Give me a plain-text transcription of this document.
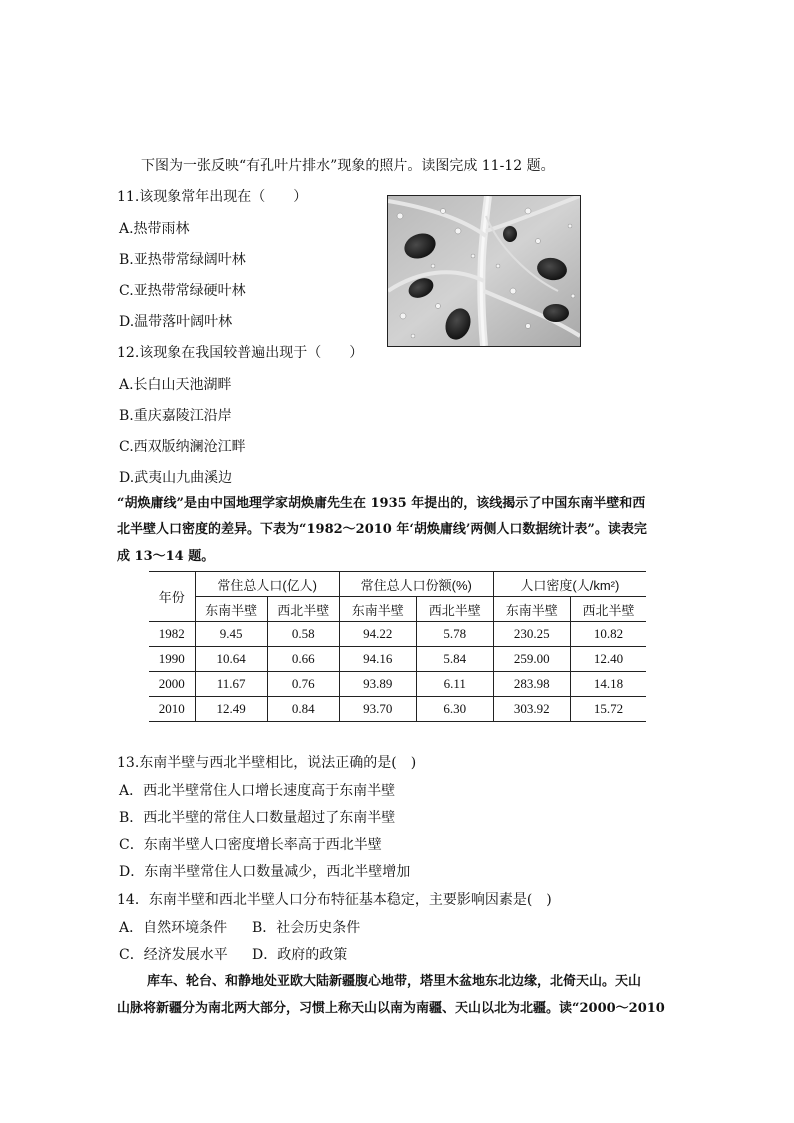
下图为一张反映“有孔叶片排水”现象的照片。读图完成 11-12 题。
11.该现象常年出现在（　　）
A.热带雨林
B.亚热带常绿阔叶林
C.亚热带常绿硬叶林
D.温带落叶阔叶林
12.该现象在我国较普遍出现于（　　）
A.长白山天池湖畔
B.重庆嘉陵江沿岸
C.西双版纳澜沧江畔
D.武夷山九曲溪边
“胡焕庸线”是由中国地理学家胡焕庸先生在 1935 年提出的，该线揭示了中国东南半壁和西
北半壁人口密度的差异。下表为“1982～2010 年‘胡焕庸线’两侧人口数据统计表”。读表完
成 13～14 题。
年份	常住总人口(亿人)		常住总人口份额(%)		人口密度(人/km²)	
	东南半壁	西北半壁	东南半壁	西北半壁	东南半壁	西北半壁
1982	9.45	0.58	94.22	5.78	230.25	10.82
1990	10.64	0.66	94.16	5.84	259.00	12.40
2000	11.67	0.76	93.89	6.11	283.98	14.18
2010	12.49	0.84	93.70	6.30	303.92	15.72
13.东南半壁与西北半壁相比，说法正确的是(　)
A．西北半壁常住人口增长速度高于东南半壁
B．西北半壁的常住人口数量超过了东南半壁
C．东南半壁人口密度增长率高于西北半壁
D．东南半壁常住人口数量减少，西北半壁增加
14．东南半壁和西北半壁人口分布特征基本稳定，主要影响因素是(　)
A．自然环境条件 B．社会历史条件
C．经济发展水平 D．政府的政策
库车、轮台、和静地处亚欧大陆新疆腹心地带，塔里木盆地东北边缘，北倚天山。天山
山脉将新疆分为南北两大部分，习惯上称天山以南为南疆、天山以北为北疆。读“2000～2010
